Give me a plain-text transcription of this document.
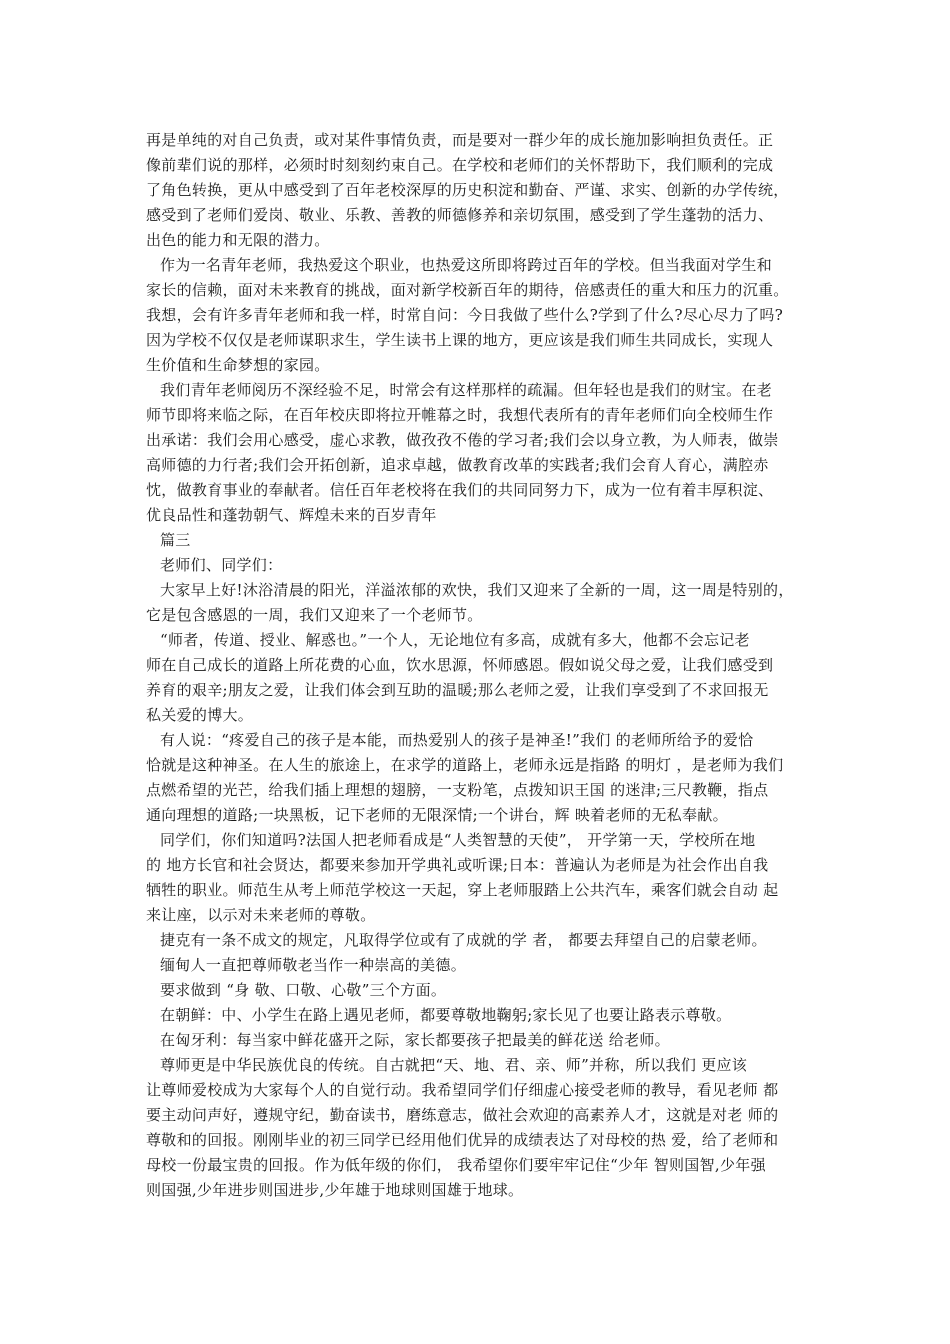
再是单纯的对自己负责，或对某件事情负责，而是要对一群少年的成长施加影响担负责任。正
像前辈们说的那样，必须时时刻刻约束自己。在学校和老师们的关怀帮助下，我们顺利的完成
了角色转换，更从中感受到了百年老校深厚的历史积淀和勤奋、严谨、求实、创新的办学传统，
感受到了老师们爱岗、敬业、乐教、善教的师德修养和亲切氛围，感受到了学生蓬勃的活力、
出色的能力和无限的潜力。
作为一名青年老师，我热爱这个职业，也热爱这所即将跨过百年的学校。但当我面对学生和
家长的信赖，面对未来教育的挑战，面对新学校新百年的期待，倍感责任的重大和压力的沉重。
我想，会有许多青年老师和我一样，时常自问：今日我做了些什么?学到了什么?尽心尽力了吗?
因为学校不仅仅是老师谋职求生，学生读书上课的地方，更应该是我们师生共同成长，实现人
生价值和生命梦想的家园。
我们青年老师阅历不深经验不足，时常会有这样那样的疏漏。但年轻也是我们的财宝。在老
师节即将来临之际，在百年校庆即将拉开帷幕之时，我想代表所有的青年老师们向全校师生作
出承诺：我们会用心感受，虚心求教，做孜孜不倦的学习者;我们会以身立教，为人师表，做崇
高师德的力行者;我们会开拓创新，追求卓越，做教育改革的实践者;我们会育人育心，满腔赤
忱，做教育事业的奉献者。信任百年老校将在我们的共同同努力下，成为一位有着丰厚积淀、
优良品性和蓬勃朝气、辉煌未来的百岁青年
篇三
老师们、同学们：
大家早上好!沐浴清晨的阳光，洋溢浓郁的欢快，我们又迎来了全新的一周，这一周是特别的，
它是包含感恩的一周，我们又迎来了一个老师节。
“师者，传道、授业、解惑也。”一个人，无论地位有多高，成就有多大，他都不会忘记老
师在自己成长的道路上所花费的心血，饮水思源，怀师感恩。假如说父母之爱，让我们感受到
养育的艰辛;朋友之爱，让我们体会到互助的温暖;那么老师之爱，让我们享受到了不求回报无
私关爱的博大。
有人说：“疼爱自己的孩子是本能，而热爱别人的孩子是神圣!”我们 的老师所给予的爱恰
恰就是这种神圣。在人生的旅途上，在求学的道路上，老师永远是指路 的明灯 ，是老师为我们
点燃希望的光芒，给我们插上理想的翅膀，一支粉笔，点拨知识王国 的迷津;三尺教鞭，指点
通向理想的道路;一块黑板，记下老师的无限深情;一个讲台，辉 映着老师的无私奉献。
同学们，你们知道吗?法国人把老师看成是“人类智慧的天使”， 开学第一天，学校所在地
的 地方长官和社会贤达，都要来参加开学典礼或听课;日本：普遍认为老师是为社会作出自我
牺牲的职业。师范生从考上师范学校这一天起，穿上老师服踏上公共汽车，乘客们就会自动 起
来让座，以示对未来老师的尊敬。
捷克有一条不成文的规定，凡取得学位或有了成就的学 者， 都要去拜望自己的启蒙老师。
缅甸人一直把尊师敬老当作一种崇高的美德。
要求做到 “身 敬、口敬、心敬”三个方面。
在朝鲜：中、小学生在路上遇见老师，都要尊敬地鞠躬;家长见了也要让路表示尊敬。
在匈牙利：每当家中鲜花盛开之际，家长都要孩子把最美的鲜花送 给老师。
尊师更是中华民族优良的传统。自古就把“天、地、君、亲、师”并称，所以我们 更应该
让尊师爱校成为大家每个人的自觉行动。我希望同学们仔细虚心接受老师的教导，看见老师 都
要主动问声好，遵规守纪，勤奋读书，磨练意志，做社会欢迎的高素养人才，这就是对老 师的
尊敬和的回报。刚刚毕业的初三同学已经用他们优异的成绩表达了对母校的热 爱，给了老师和
母校一份最宝贵的回报。作为低年级的你们， 我希望你们要牢牢记住“少年 智则国智,少年强
则国强,少年进步则国进步,少年雄于地球则国雄于地球。
